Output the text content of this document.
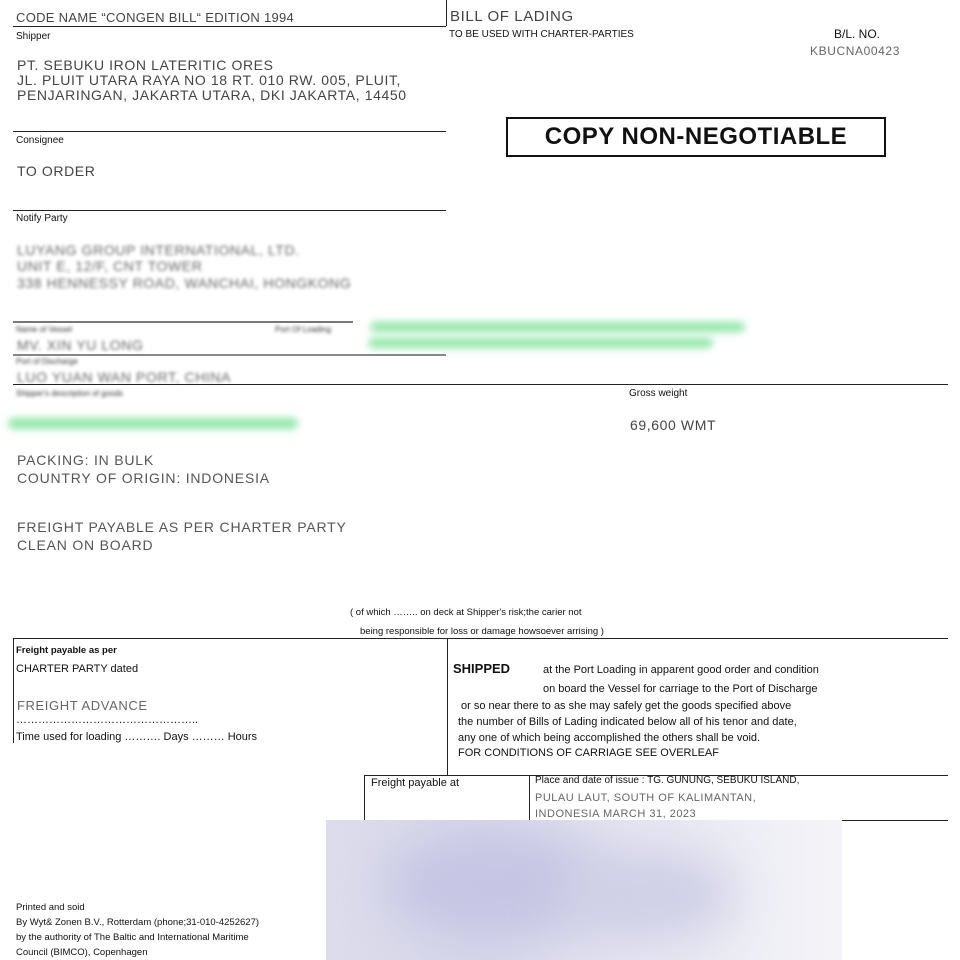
CODE NAME “CONGEN BILL“ EDITION 1994	BILL OF LADING
TO BE USED WITH CHARTER-PARTIES	B/L. NO.
KBUCNA00423
Shipper
PT. SEBUKU IRON LATERITIC ORES
JL. PLUIT UTARA RAYA NO 18 RT. 010 RW. 005, PLUIT,
PENJARINGAN, JAKARTA UTARA, DKI JAKARTA, 14450
COPY NON-NEGOTIABLE
Consignee
TO ORDER
Notify Party
LUYANG GROUP INTERNATIONAL, LTD.
UNIT E, 12/F, CNT TOWER
338 HENNESSY ROAD, WANCHAI, HONGKONG
Name of Vessel
MV. XIN YU LONG
Port Of Loading
Port of Discharge
LUO YUAN WAN PORT, CHINA
Shipper's description of goods	Gross weight
69,600 WMT
PACKING: IN BULK
COUNTRY OF ORIGIN: INDONESIA
FREIGHT PAYABLE AS PER CHARTER PARTY
CLEAN ON BOARD
( of which …….. on deck at Shipper's risk;the carier not
being responsible for loss or damage howsoever arrising )
Freight payable as per
CHARTER PARTY dated
FREIGHT ADVANCE
…………………………………………..
Time used for loading ………. Days ……… Hours
SHIPPED	at the Port Loading in apparent good order and condition
on board the Vessel for carriage to the Port of Discharge
or so near there to as she may safely get the goods specified above
the number of Bills of Lading indicated below all of his tenor and date,
any one of which being accomplished the others shall be void.
FOR CONDITIONS OF CARRIAGE SEE OVERLEAF
Freight payable at	Place and date of issue : TG. GUNUNG, SEBUKU ISLAND,
PULAU LAUT, SOUTH OF KALIMANTAN,
INDONESIA MARCH 31, 2023
Printed and soid
By Wyt& Zonen B.V., Rotterdam (phone;31-010-4252627)
by the authority of The Baltic and International Maritime
Council (BIMCO), Copenhagen
